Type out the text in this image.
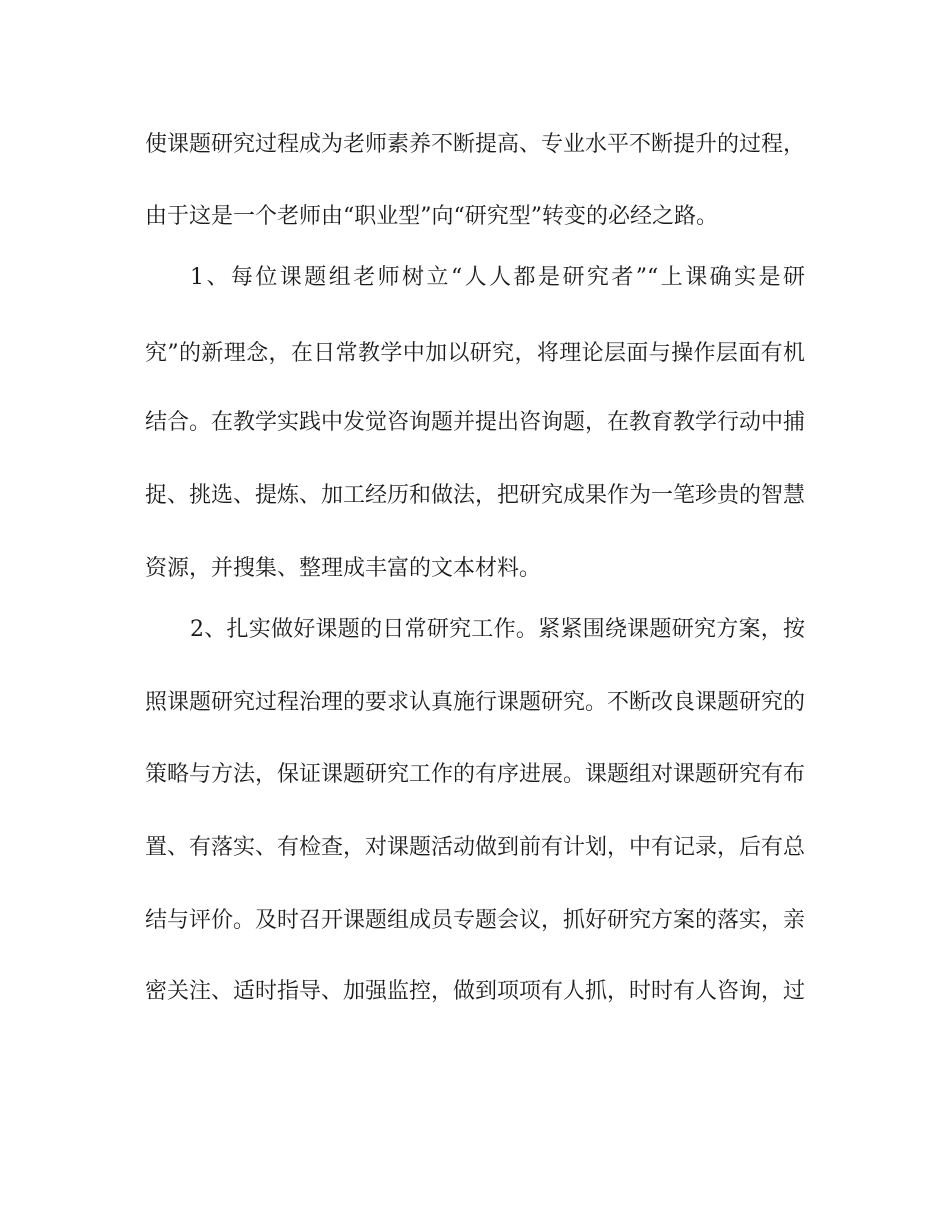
使课题研究过程成为老师素养不断提高、专业水平不断提升的过程，
由于这是一个老师由“职业型”向“研究型”转变的必经之路。
1、每位课题组老师树立“人人都是研究者”“上课确实是研
究”的新理念，在日常教学中加以研究，将理论层面与操作层面有机
结合。在教学实践中发觉咨询题并提出咨询题，在教育教学行动中捕
捉、挑选、提炼、加工经历和做法，把研究成果作为一笔珍贵的智慧
资源，并搜集、整理成丰富的文本材料。
2、扎实做好课题的日常研究工作。紧紧围绕课题研究方案，按
照课题研究过程治理的要求认真施行课题研究。不断改良课题研究的
策略与方法，保证课题研究工作的有序进展。课题组对课题研究有布
置、有落实、有检查，对课题活动做到前有计划，中有记录，后有总
结与评价。及时召开课题组成员专题会议，抓好研究方案的落实，亲
密关注、适时指导、加强监控，做到项项有人抓，时时有人咨询，过
